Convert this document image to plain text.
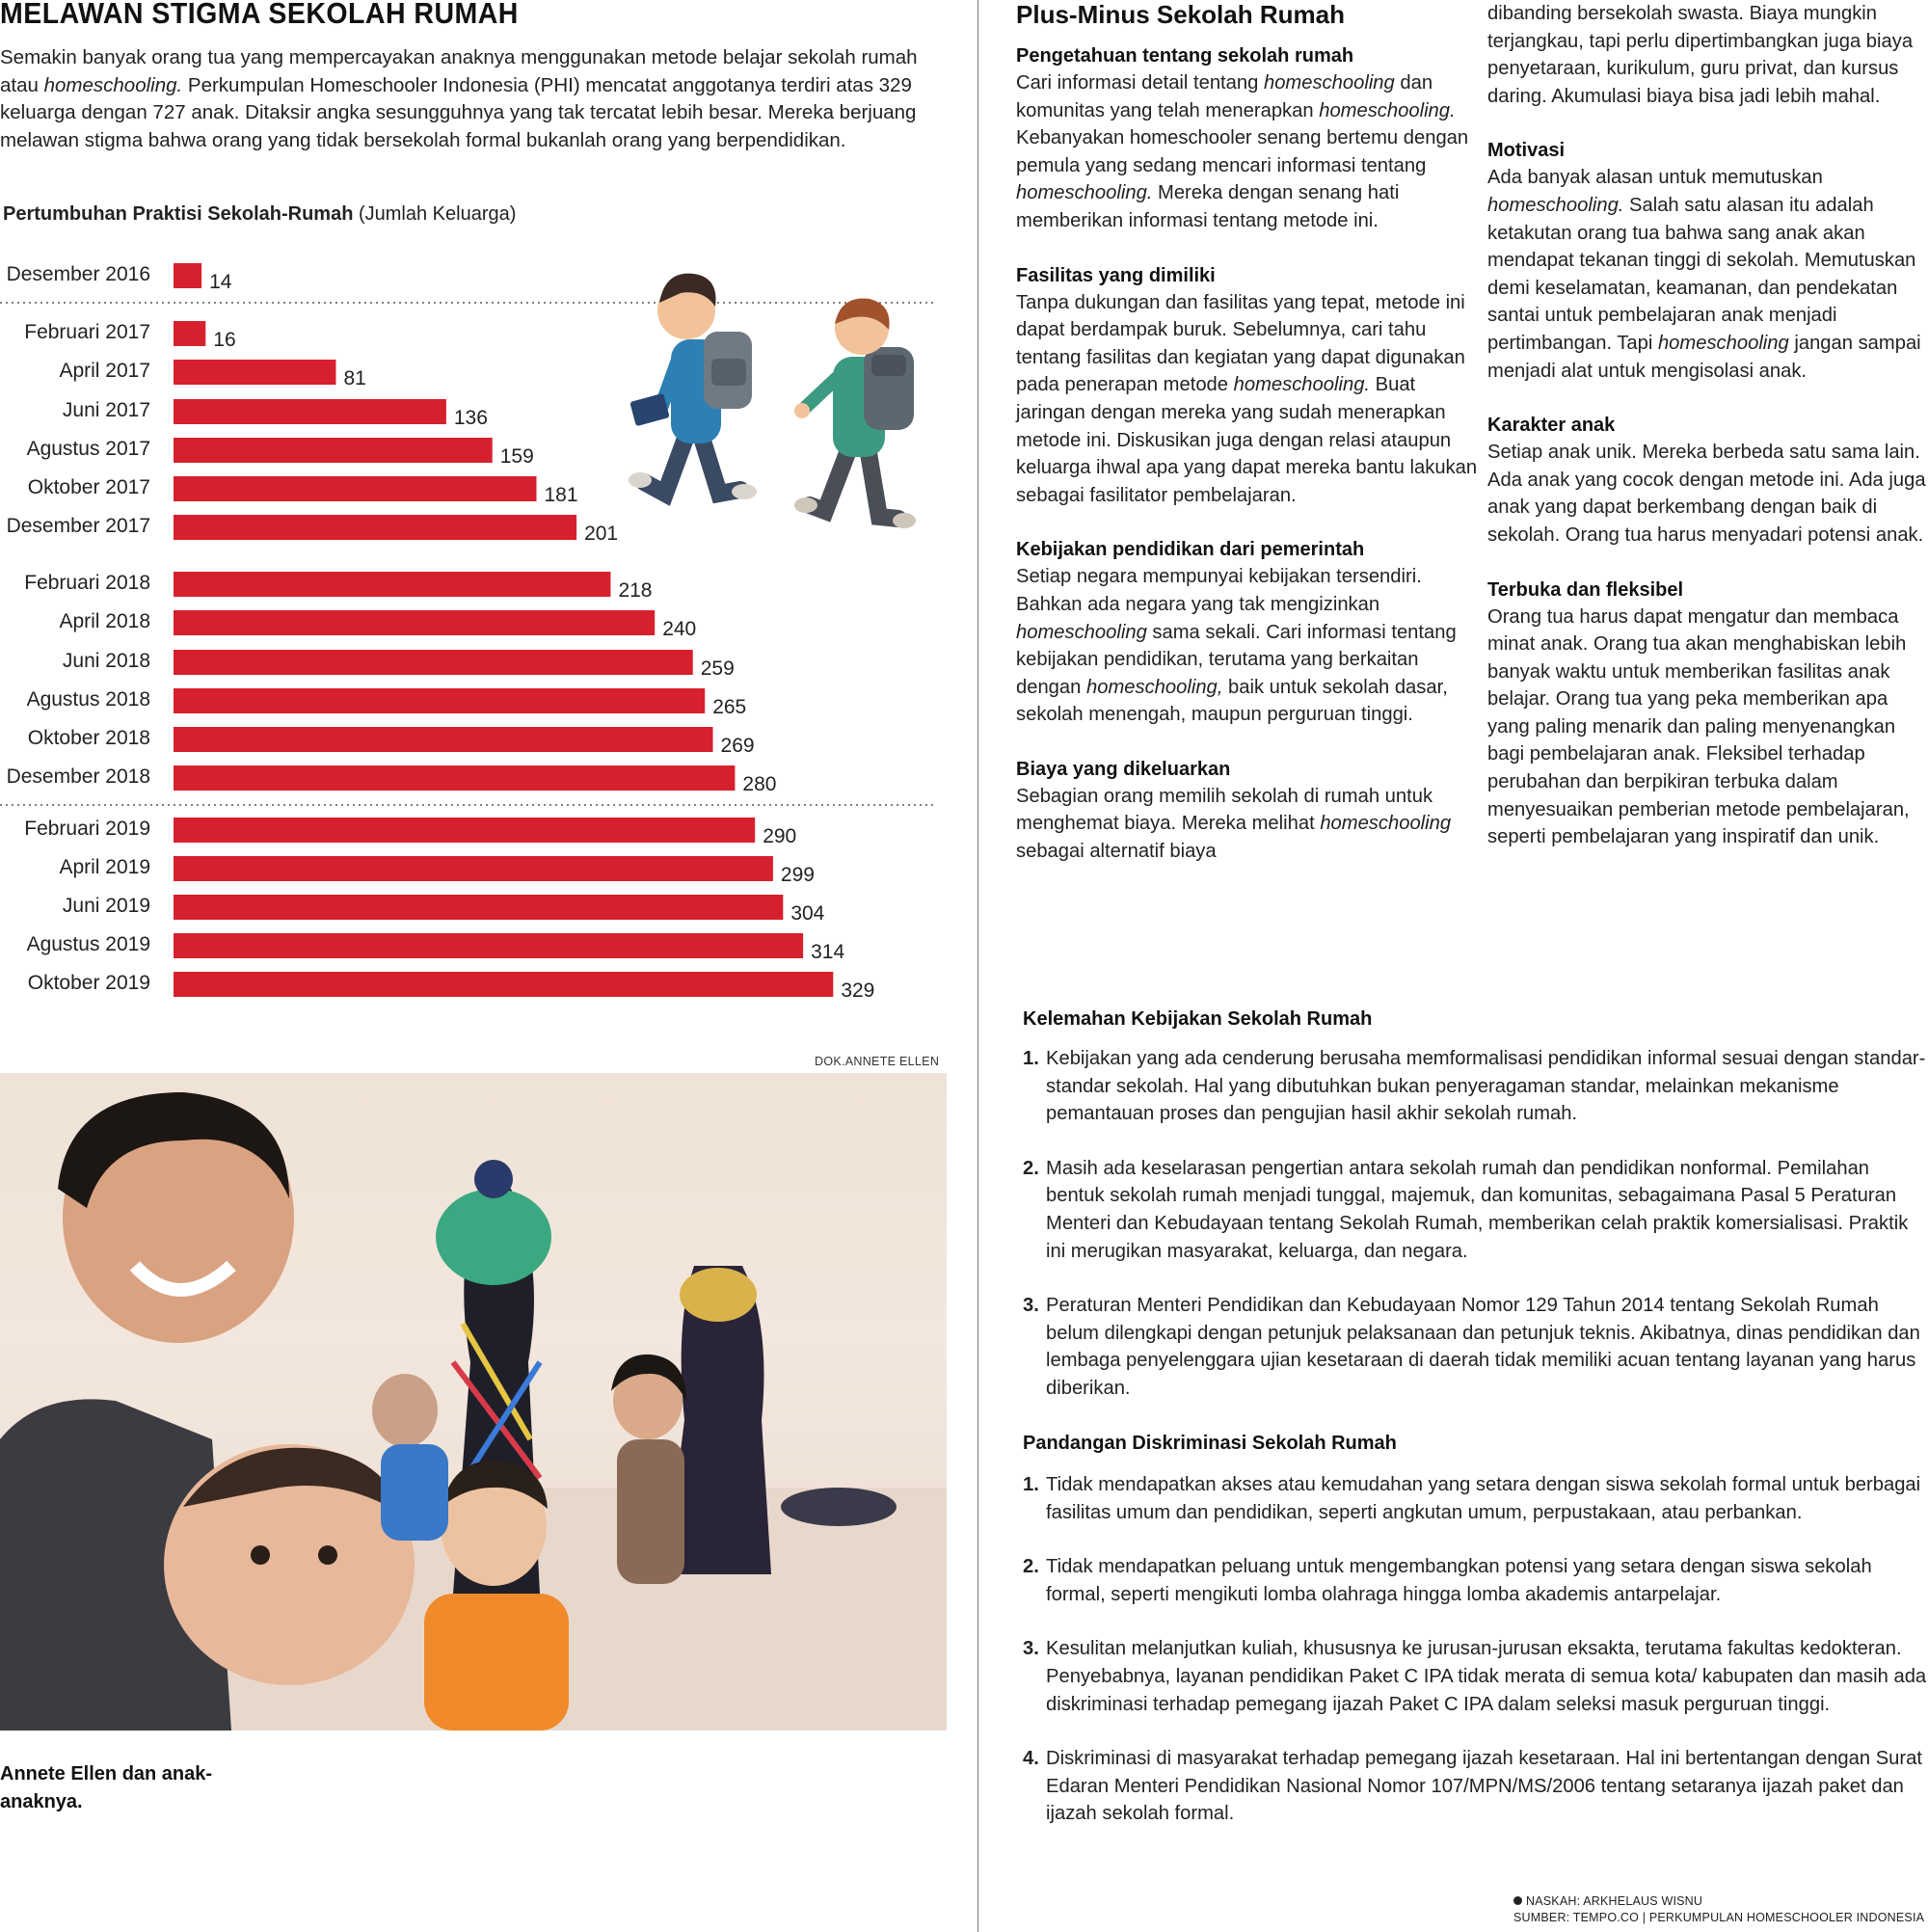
MELAWAN STIGMA SEKOLAH RUMAH

Semakin banyak orang tua yang mempercayakan anaknya menggunakan metode belajar sekolah rumah atau homeschooling. Perkumpulan Homeschooler Indonesia (PHI) mencatat anggotanya terdiri atas 329 keluarga dengan 727 anak. Ditaksir angka sesungguhnya yang tak tercatat lebih besar. Mereka berjuang melawan stigma bahwa orang yang tidak bersekolah formal bukanlah orang yang berpendidikan.

Pertumbuhan Praktisi Sekolah-Rumah (Jumlah Keluarga)
Desember 2016	14
Februari 2017	16
April 2017	81
Juni 2017	136
Agustus 2017	159
Oktober 2017	181
Desember 2017	201
Februari 2018	218
April 2018	240
Juni 2018	259
Agustus 2018	265
Oktober 2018	269
Desember 2018	280
Februari 2019	290
April 2019	299
Juni 2019	304
Agustus 2019	314
Oktober 2019	329
DOK.ANNETE ELLEN
Annete Ellen dan anak-anaknya.
Plus-Minus Sekolah Rumah
Pengetahuan tentang sekolah rumah

Cari informasi detail tentang homeschooling dan komunitas yang telah menerapkan homeschooling. Kebanyakan homeschooler senang bertemu dengan pemula yang sedang mencari informasi tentang homeschooling. Mereka dengan senang hati memberikan informasi tentang metode ini.

Fasilitas yang dimiliki

Tanpa dukungan dan fasilitas yang tepat, metode ini dapat berdampak buruk. Sebelumnya, cari tahu tentang fasilitas dan kegiatan yang dapat digunakan pada penerapan metode homeschooling. Buat jaringan dengan mereka yang sudah menerapkan metode ini. Diskusikan juga dengan relasi ataupun keluarga ihwal apa yang dapat mereka bantu lakukan sebagai fasilitator pembelajaran.

Kebijakan pendidikan dari pemerintah

Setiap negara mempunyai kebijakan tersendiri. Bahkan ada negara yang tak mengizinkan homeschooling sama sekali. Cari informasi tentang kebijakan pendidikan, terutama yang berkaitan dengan homeschooling, baik untuk sekolah dasar, sekolah menengah, maupun perguruan tinggi.

Biaya yang dikeluarkan

Sebagian orang memilih sekolah di rumah untuk menghemat biaya. Mereka melihat homeschooling sebagai alternatif biaya

dibanding bersekolah swasta. Biaya mungkin terjangkau, tapi perlu dipertimbangkan juga biaya penyetaraan, kurikulum, guru privat, dan kursus daring. Akumulasi biaya bisa jadi lebih mahal.

Motivasi

Ada banyak alasan untuk memutuskan homeschooling. Salah satu alasan itu adalah ketakutan orang tua bahwa sang anak akan mendapat tekanan tinggi di sekolah. Memutuskan demi keselamatan, keamanan, dan pendekatan santai untuk pembelajaran anak menjadi pertimbangan. Tapi homeschooling jangan sampai menjadi alat untuk mengisolasi anak.

Karakter anak

Setiap anak unik. Mereka berbeda satu sama lain. Ada anak yang cocok dengan metode ini. Ada juga anak yang dapat berkembang dengan baik di sekolah. Orang tua harus menyadari potensi anak.

Terbuka dan fleksibel

Orang tua harus dapat mengatur dan membaca minat anak. Orang tua akan menghabiskan lebih banyak waktu untuk memberikan fasilitas anak belajar. Orang tua yang peka memberikan apa yang paling menarik dan paling menyenangkan bagi pembelajaran anak. Fleksibel terhadap perubahan dan berpikiran terbuka dalam menyesuaikan pemberian metode pembelajaran, seperti pembelajaran yang inspiratif dan unik.

Kelemahan Kebijakan Sekolah Rumah
1. Kebijakan yang ada cenderung berusaha memformalisasi pendidikan informal sesuai dengan standar-standar sekolah. Hal yang dibutuhkan bukan penyeragaman standar, melainkan mekanisme pemantauan proses dan pengujian hasil akhir sekolah rumah.
2. Masih ada keselarasan pengertian antara sekolah rumah dan pendidikan nonformal. Pemilahan bentuk sekolah rumah menjadi tunggal, majemuk, dan komunitas, sebagaimana Pasal 5 Peraturan Menteri dan Kebudayaan tentang Sekolah Rumah, memberikan celah praktik komersialisasi. Praktik ini merugikan masyarakat, keluarga, dan negara.
3. Peraturan Menteri Pendidikan dan Kebudayaan Nomor 129 Tahun 2014 tentang Sekolah Rumah belum dilengkapi dengan petunjuk pelaksanaan dan petunjuk teknis. Akibatnya, dinas pendidikan dan lembaga penyelenggara ujian kesetaraan di daerah tidak memiliki acuan tentang layanan yang harus diberikan.
Pandangan Diskriminasi Sekolah Rumah
1. Tidak mendapatkan akses atau kemudahan yang setara dengan siswa sekolah formal untuk berbagai fasilitas umum dan pendidikan, seperti angkutan umum, perpustakaan, atau perbankan.
2. Tidak mendapatkan peluang untuk mengembangkan potensi yang setara dengan siswa sekolah formal, seperti mengikuti lomba olahraga hingga lomba akademis antarpelajar.
3. Kesulitan melanjutkan kuliah, khususnya ke jurusan-jurusan eksakta, terutama fakultas kedokteran. Penyebabnya, layanan pendidikan Paket C IPA tidak merata di semua kota/ kabupaten dan masih ada diskriminasi terhadap pemegang ijazah Paket C IPA dalam seleksi masuk perguruan tinggi.
4. Diskriminasi di masyarakat terhadap pemegang ijazah kesetaraan. Hal ini bertentangan dengan Surat Edaran Menteri Pendidikan Nasional Nomor 107/MPN/MS/2006 tentang setaranya ijazah paket dan ijazah sekolah formal.
NASKAH: ARKHELAUS WISNU
SUMBER: TEMPO.CO | PERKUMPULAN HOMESCHOOLER INDONESIA
